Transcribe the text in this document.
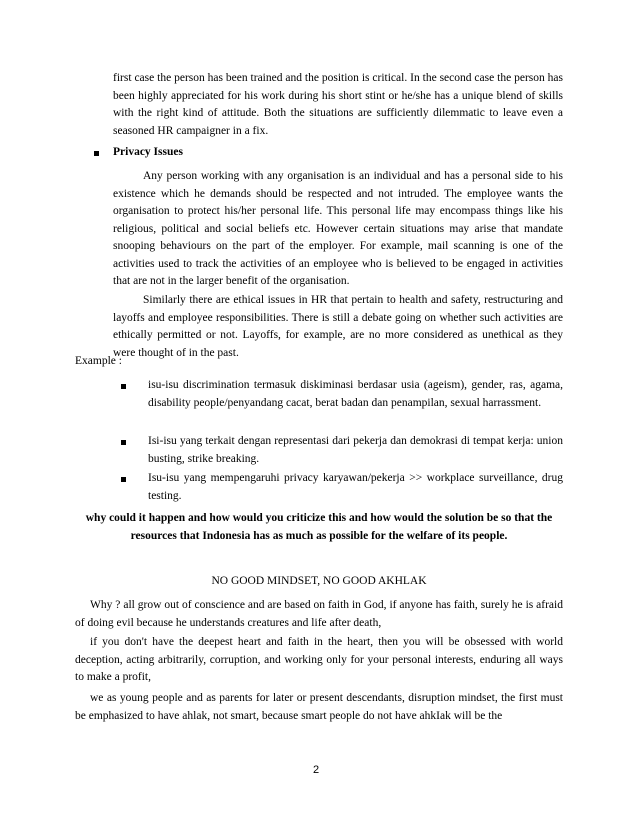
first case the person has been trained and the position is critical. In the second case the person has been highly appreciated for his work during his short stint or he/she has a unique blend of skills with the right kind of attitude. Both the situations are sufficiently dilemmatic to leave even a seasoned HR campaigner in a fix.
Privacy Issues
Any person working with any organisation is an individual and has a personal side to his existence which he demands should be respected and not intruded. The employee wants the organisation to protect his/her personal life. This personal life may encompass things like his religious, political and social beliefs etc. However certain situations may arise that mandate snooping behaviours on the part of the employer. For example, mail scanning is one of the activities used to track the activities of an employee who is believed to be engaged in activities that are not in the larger benefit of the organisation.
Similarly there are ethical issues in HR that pertain to health and safety, restructuring and layoffs and employee responsibilities. There is still a debate going on whether such activities are ethically permitted or not. Layoffs, for example, are no more considered as unethical as they were thought of in the past.
Example :
isu-isu discrimination termasuk diskiminasi berdasar usia (ageism), gender, ras, agama, disability people/penyandang cacat, berat badan dan penampilan, sexual harrassment.
Isi-isu yang terkait dengan representasi dari pekerja dan demokrasi di tempat kerja: union busting, strike breaking.
Isu-isu yang mempengaruhi privacy karyawan/pekerja >> workplace surveillance, drug testing.
why could it happen and how would you criticize this and how would the solution be so that the resources that Indonesia has as much as possible for the welfare of its people.
NO GOOD MINDSET, NO GOOD AKHLAK
Why ? all grow out of conscience and are based on faith in God, if anyone has faith, surely he is afraid of doing evil because he understands creatures and life after death,
if you don't have the deepest heart and faith in the heart, then you will be obsessed with world deception, acting arbitrarily, corruption, and working only for your personal interests, enduring all ways to make a profit,
we as young people and as parents for later or present descendants, disruption mindset, the first must be emphasized to have ahlak, not smart, because smart people do not have ahkIak will be the
2
